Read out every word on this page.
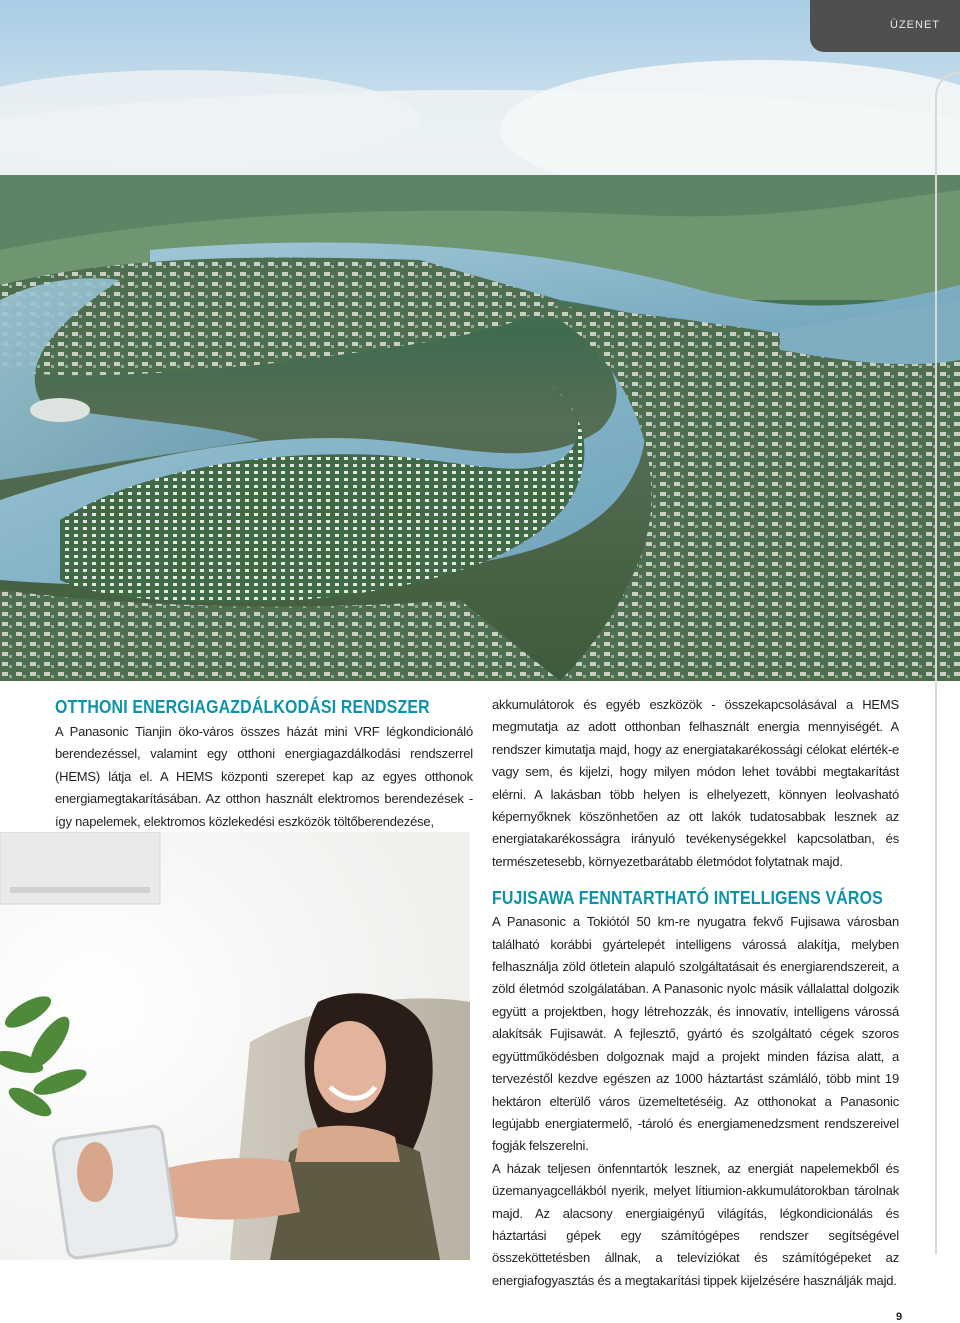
ÜZENET
OTTHONI ENERGIAGAZDÁLKODÁSI RENDSZER

A Panasonic Tianjin öko-város összes házát mini VRF légkondicionáló berendezéssel, valamint egy otthoni energiagazdálkodási rendszerrel (HEMS) látja el. A HEMS központi szerepet kap az egyes otthonok energiamegtakarításában. Az otthon használt elektromos berendezések - így napelemek, elektromos közlekedési eszközök töltőberendezése,

akkumulátorok és egyéb eszközök - összekapcsolásával a HEMS megmutatja az adott otthonban felhasznált energia mennyiségét. A rendszer kimutatja majd, hogy az energiatakarékossági célokat elérték-e vagy sem, és kijelzi, hogy milyen módon lehet további megtakarítást elérni. A lakásban több helyen is elhelyezett, könnyen leolvasható képernyőknek köszönhetően az ott lakók tudatosabbak lesznek az energiatakarékosságra irányuló tevékenységekkel kapcsolatban, és természetesebb, környezetbarátabb életmódot folytatnak majd.

FUJISAWA FENNTARTHATÓ INTELLIGENS VÁROS

A Panasonic a Tokiótól 50 km-re nyugatra fekvő Fujisawa városban található korábbi gyártelepét intelligens várossá alakítja, melyben felhasználja zöld ötletein alapuló szolgáltatásait és energiarendszereit, a zöld életmód szolgálatában. A Panasonic nyolc másik vállalattal dolgozik együtt a projektben, hogy létrehozzák, és innovatív, intelligens várossá alakítsák Fujisawát. A fejlesztő, gyártó és szolgáltató cégek szoros együttműködésben dolgoznak majd a projekt minden fázisa alatt, a tervezéstől kezdve egészen az 1000 háztartást számláló, több mint 19 hektáron elterülő város üzemeltetéséig. Az otthonokat a Panasonic legújabb energiatermelő, -tároló és energiamenedzsment rendszereivel fogják felszerelni.

A házak teljesen önfenntartók lesznek, az energiát napelemekből és üzemanyagcellákból nyerik, melyet lítiumion-akkumulátorokban tárolnak majd. Az alacsony energiaigényű világítás, légkondicionálás és háztartási gépek egy számítógépes rendszer segítségével összeköttetésben állnak, a televíziókat és számítógépeket az energiafogyasztás és a megtakarítási tippek kijelzésére használják majd.

9
